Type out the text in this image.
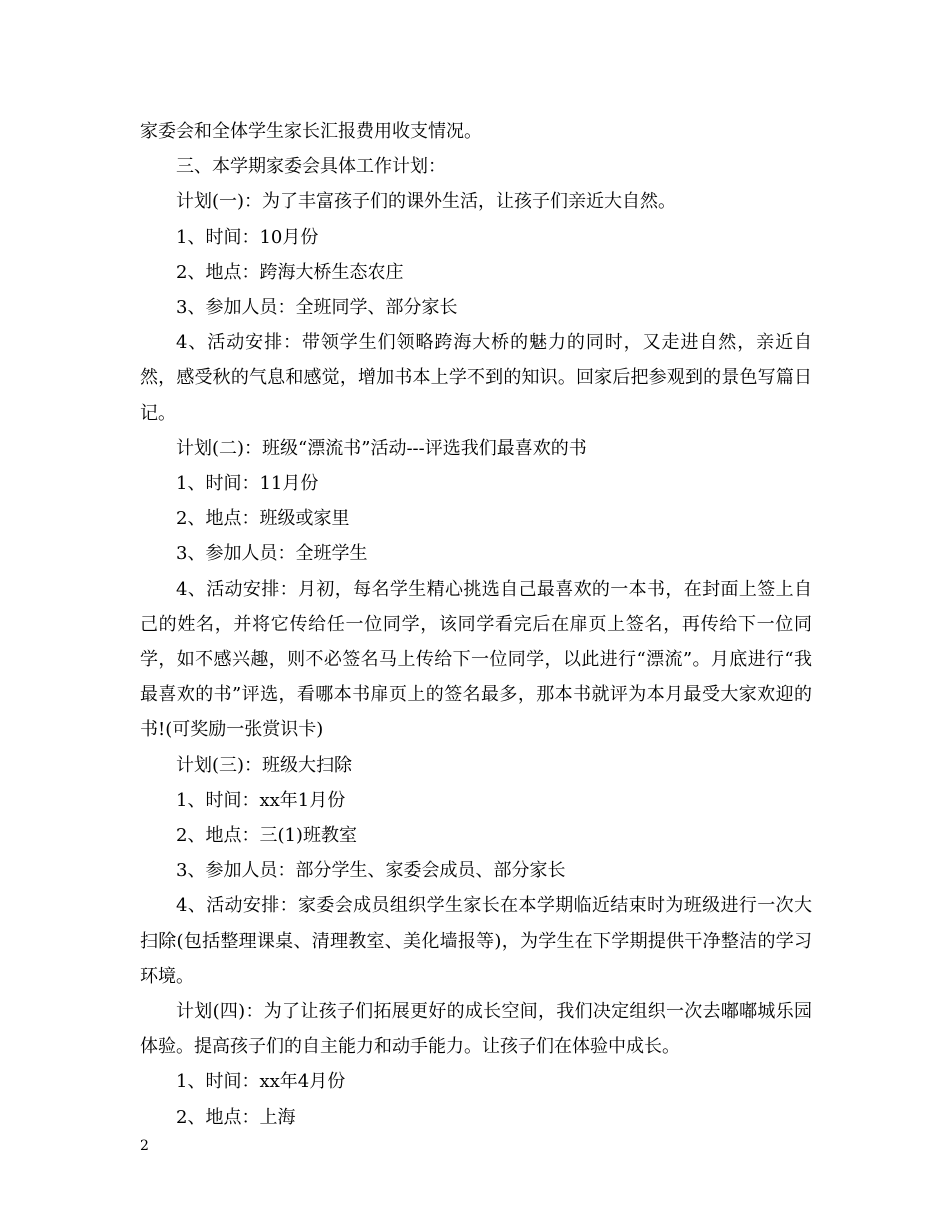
家委会和全体学生家长汇报费用收支情况。

三、本学期家委会具体工作计划：

计划(一)：为了丰富孩子们的课外生活，让孩子们亲近大自然。

1、时间：10月份

2、地点：跨海大桥生态农庄

3、参加人员：全班同学、部分家长

4、活动安排：带领学生们领略跨海大桥的魅力的同时，又走进自然，亲近自然，感受秋的气息和感觉，增加书本上学不到的知识。回家后把参观到的景色写篇日记。

计划(二)：班级“漂流书”活动---评选我们最喜欢的书

1、时间：11月份

2、地点：班级或家里

3、参加人员：全班学生

4、活动安排：月初，每名学生精心挑选自己最喜欢的一本书，在封面上签上自己的姓名，并将它传给任一位同学，该同学看完后在扉页上签名，再传给下一位同学，如不感兴趣，则不必签名马上传给下一位同学，以此进行“漂流”。月底进行“我最喜欢的书”评选，看哪本书扉页上的签名最多，那本书就评为本月最受大家欢迎的书!(可奖励一张赏识卡)

计划(三)：班级大扫除

1、时间：xx年1月份

2、地点：三(1)班教室

3、参加人员：部分学生、家委会成员、部分家长

4、活动安排：家委会成员组织学生家长在本学期临近结束时为班级进行一次大扫除(包括整理课桌、清理教室、美化墙报等)，为学生在下学期提供干净整洁的学习环境。

计划(四)：为了让孩子们拓展更好的成长空间，我们决定组织一次去嘟嘟城乐园体验。提高孩子们的自主能力和动手能力。让孩子们在体验中成长。

1、时间：xx年4月份

2、地点：上海

2
